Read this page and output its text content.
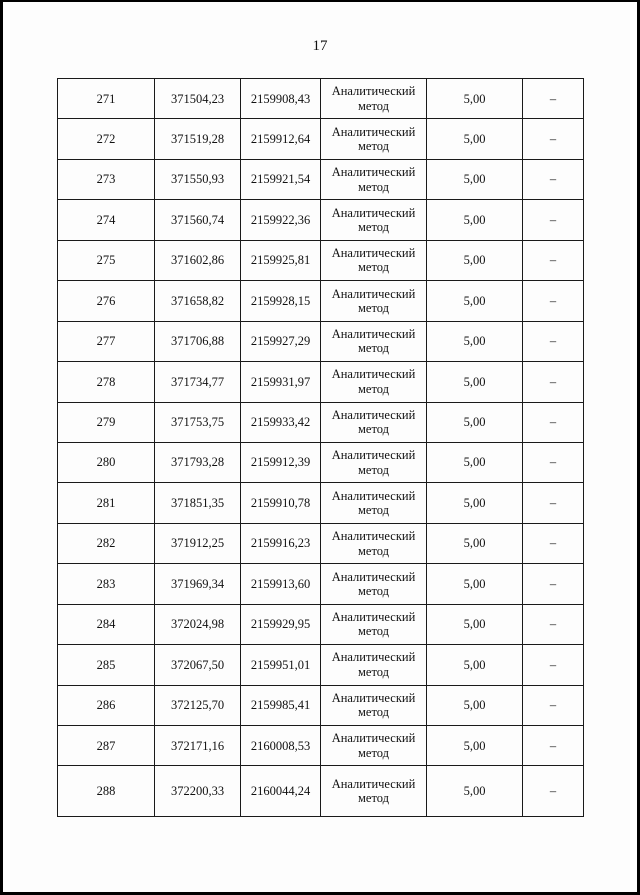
17
271	371504,23	2159908,43	Аналитический метод	5,00	–
272	371519,28	2159912,64	Аналитический метод	5,00	–
273	371550,93	2159921,54	Аналитический метод	5,00	–
274	371560,74	2159922,36	Аналитический метод	5,00	–
275	371602,86	2159925,81	Аналитический метод	5,00	–
276	371658,82	2159928,15	Аналитический метод	5,00	–
277	371706,88	2159927,29	Аналитический метод	5,00	–
278	371734,77	2159931,97	Аналитический метод	5,00	–
279	371753,75	2159933,42	Аналитический метод	5,00	–
280	371793,28	2159912,39	Аналитический метод	5,00	–
281	371851,35	2159910,78	Аналитический метод	5,00	–
282	371912,25	2159916,23	Аналитический метод	5,00	–
283	371969,34	2159913,60	Аналитический метод	5,00	–
284	372024,98	2159929,95	Аналитический метод	5,00	–
285	372067,50	2159951,01	Аналитический метод	5,00	–
286	372125,70	2159985,41	Аналитический метод	5,00	–
287	372171,16	2160008,53	Аналитический метод	5,00	–
288	372200,33	2160044,24	Аналитический метод	5,00	–
